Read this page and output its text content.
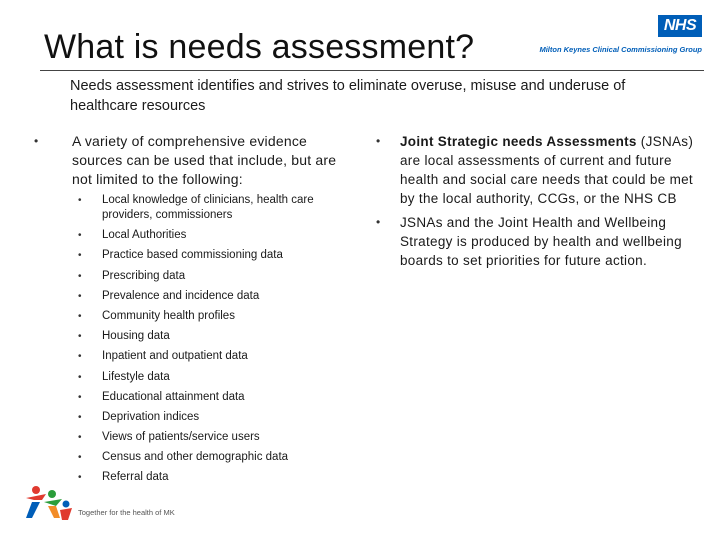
What is needs assessment?
NHS
Milton Keynes Clinical Commissioning Group

Needs assessment identifies and strives to eliminate overuse, misuse and underuse of healthcare resources

• A variety of comprehensive evidence sources can be used that include, but are not limited to the following:

• Local knowledge of clinicians, health care providers, commissioners
• Local Authorities
• Practice based commissioning data
• Prescribing data
• Prevalence and incidence data
• Community health profiles
• Housing data
• Inpatient and outpatient data
• Lifestyle data
• Educational attainment data
• Deprivation indices
• Views of patients/service users
• Census and other demographic data
• Referral data
• Joint Strategic needs Assessments (JSNAs) are local assessments of current and future health and social care needs that could be met by the local authority, CCGs, or the NHS CB
• JSNAs and the Joint Health and Wellbeing Strategy is produced by health and wellbeing boards to set priorities for future action.
Together for the health of MK
